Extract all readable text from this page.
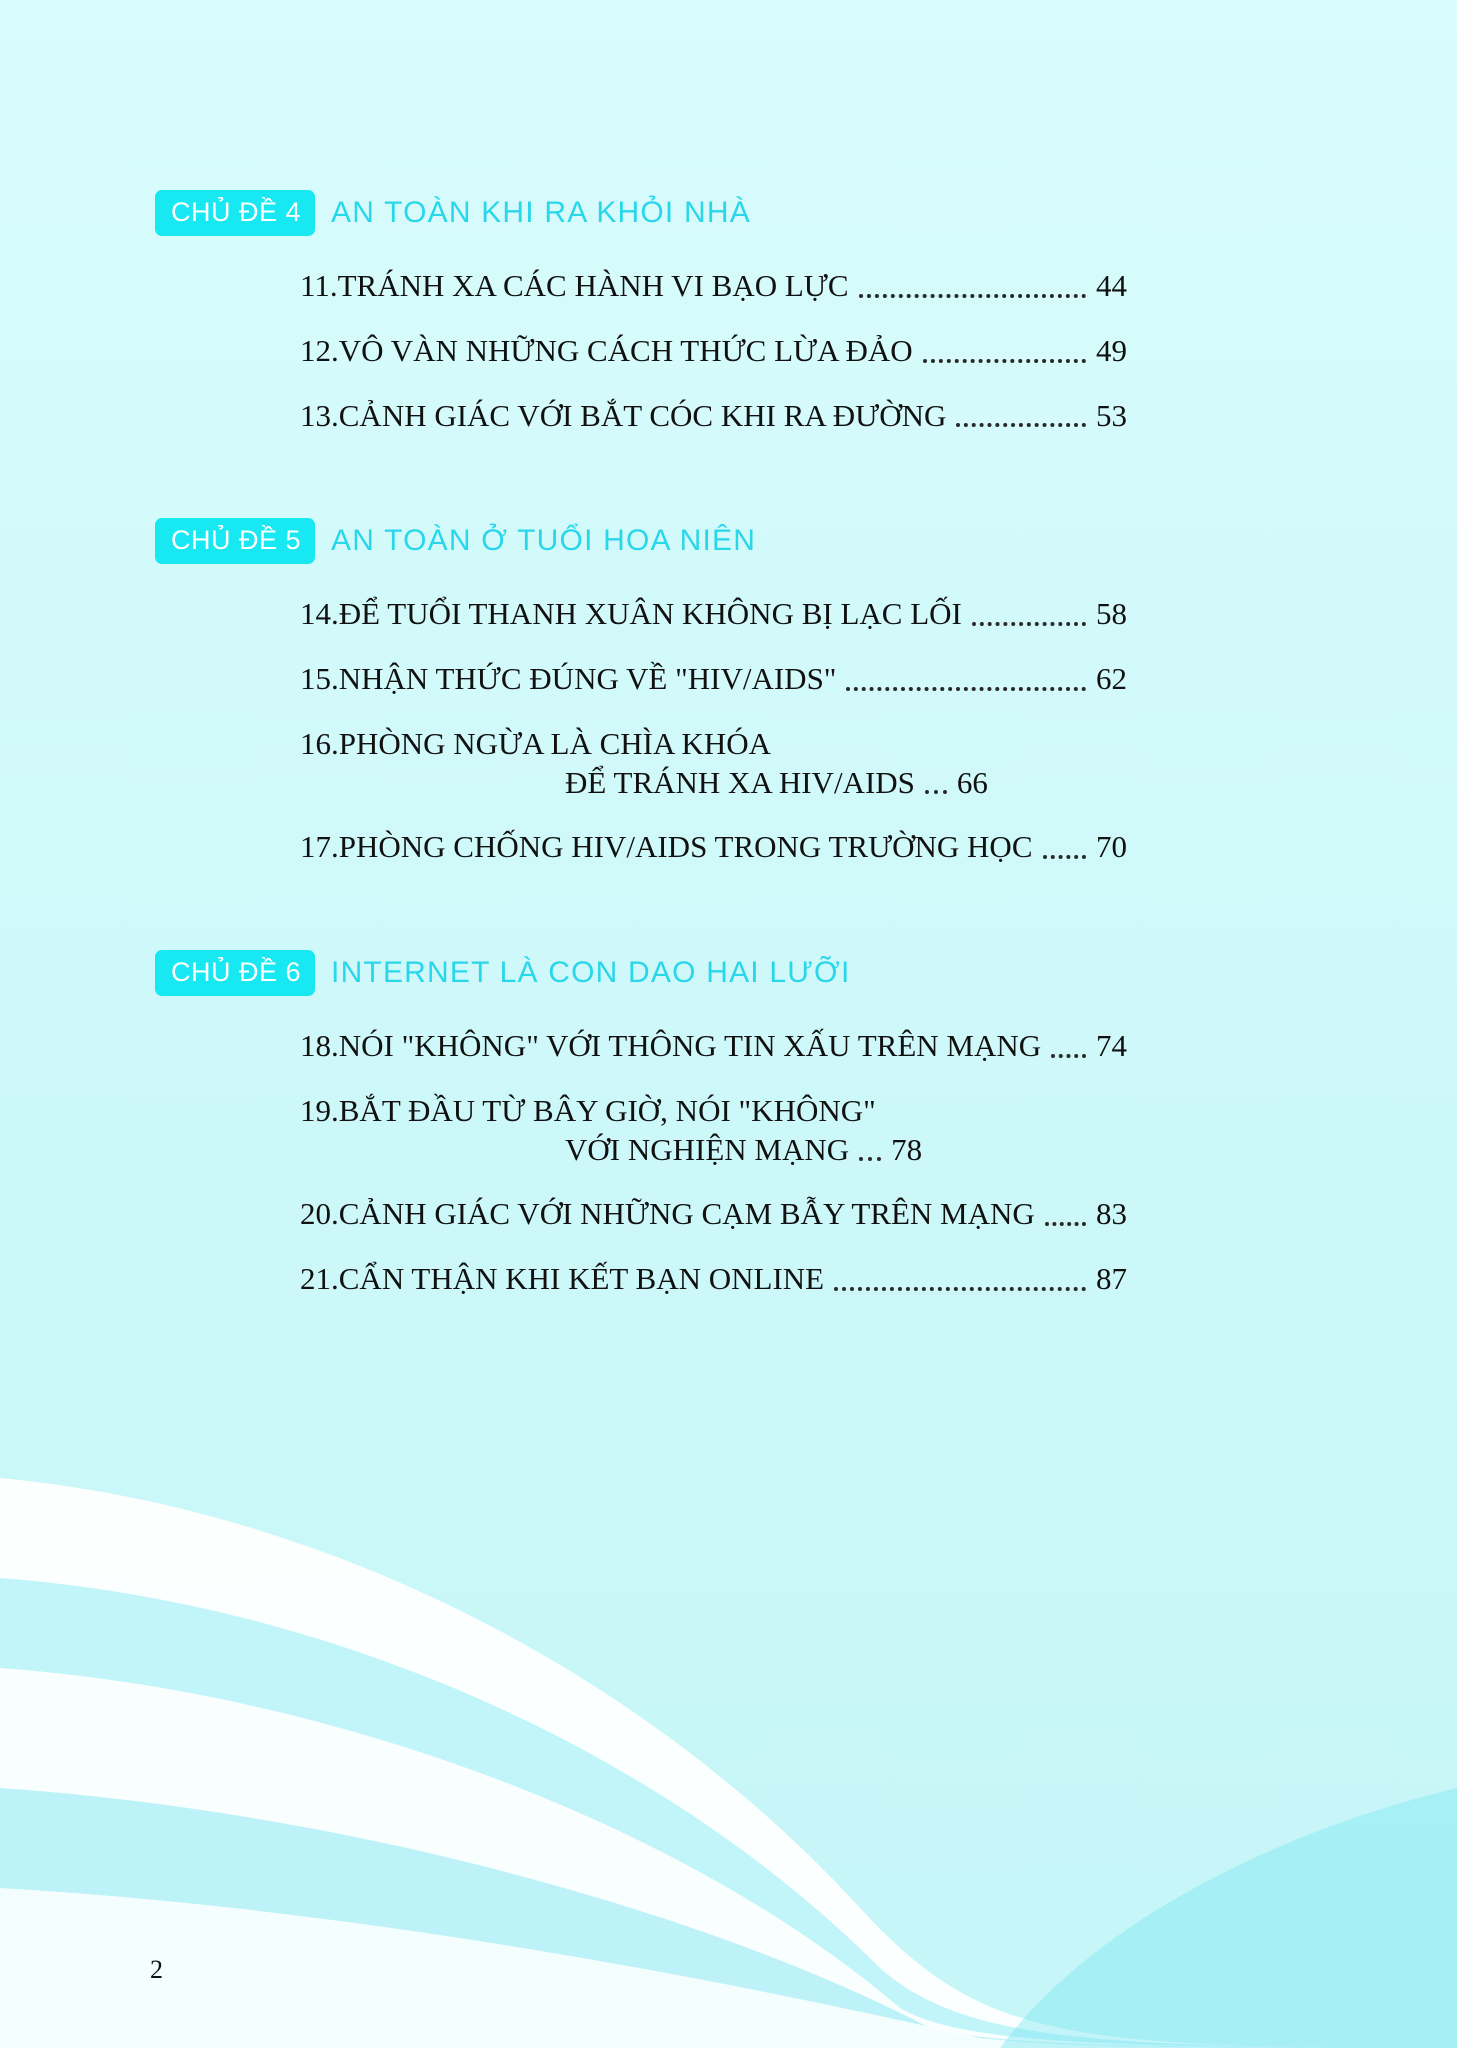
CHỦ ĐỀ 4	AN TOÀN KHI RA KHỎI NHÀ
11. TRÁNH XA CÁC HÀNH VI BẠO LỰC	44
12. VÔ VÀN NHỮNG CÁCH THỨC LỪA ĐẢO	49
13. CẢNH GIÁC VỚI BẮT CÓC KHI RA ĐƯỜNG	53
CHỦ ĐỀ 5	AN TOÀN Ở TUỔI HOA NIÊN
14. ĐỂ TUỔI THANH XUÂN KHÔNG BỊ LẠC LỐI	58
15. NHẬN THỨC ĐÚNG VỀ "HIV/AIDS"	62
16.PHÒNG NGỪA LÀ CHÌA KHÓA
ĐỂ TRÁNH XA HIV/AIDS 66
17. PHÒNG CHỐNG HIV/AIDS TRONG TRƯỜNG HỌC 70
CHỦ ĐỀ 6	INTERNET LÀ CON DAO HAI LƯỠI
18. NÓI "KHÔNG" VỚI THÔNG TIN XẤU TRÊN MẠNG 74
19.BẮT ĐẦU TỪ BÂY GIỜ, NÓI "KHÔNG"
VỚI NGHIỆN MẠNG 78
20. CẢNH GIÁC VỚI NHỮNG CẠM BẪY TRÊN MẠNG 83
21. CẨN THẬN KHI KẾT BẠN ONLINE	87
2
